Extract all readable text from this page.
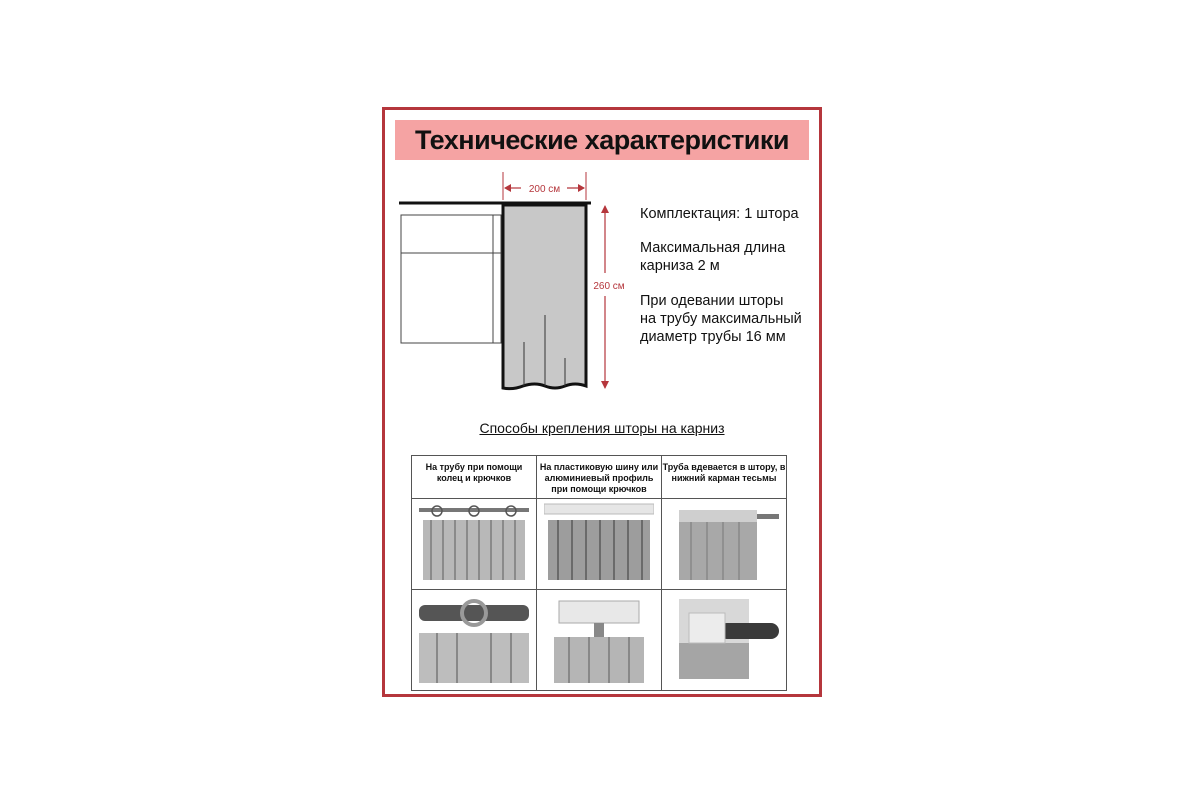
Технические характеристики
200 см
260 см
Комплектация: 1 штора
Максимальная длина
карниза 2 м
При одевании шторы
на трубу максимальный
диаметр трубы 16 мм
Способы крепления шторы на карниз
На трубу при помощи колец и крючков	На пластиковую шину или алюминиевый профиль при помощи крючков	Труба вдевается в штору, в нижний карман тесьмы
